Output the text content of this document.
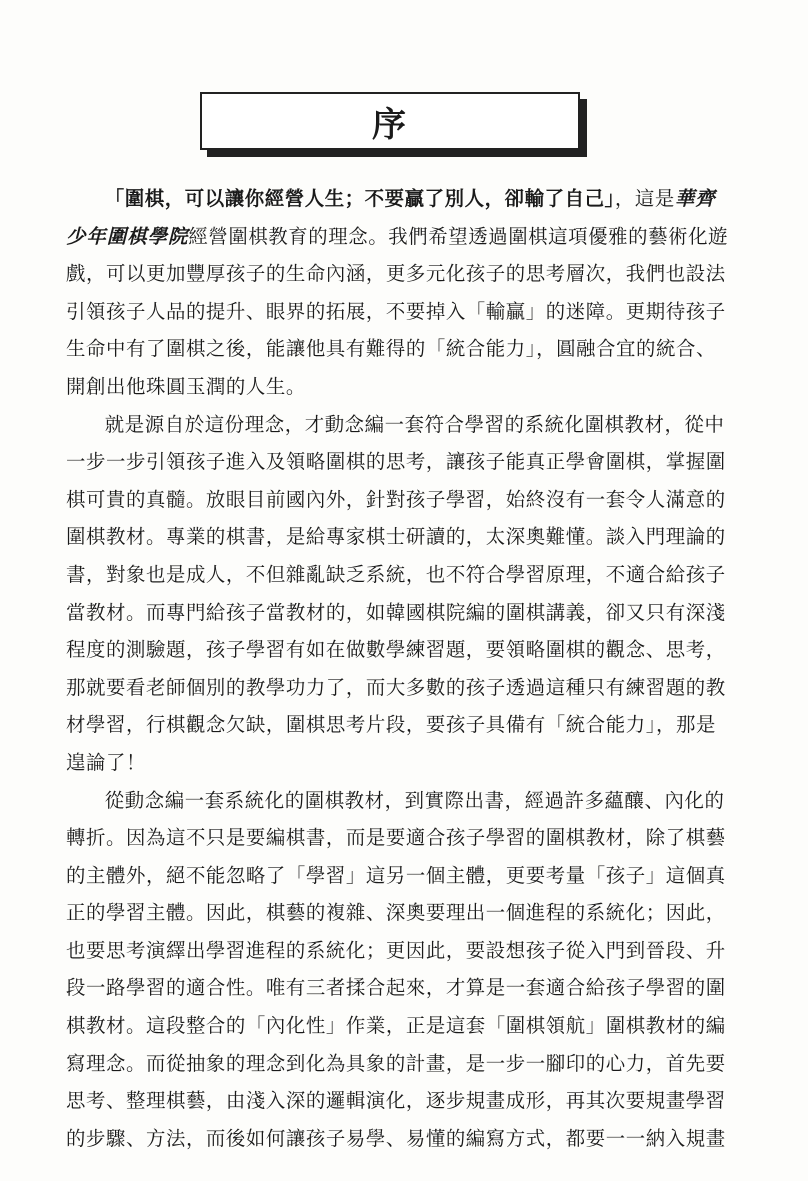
序
「圍棋，可以讓你經營人生；不要贏了別人，卻輸了自己」，這是華齊
少年圍棋學院經營圍棋教育的理念。我們希望透過圍棋這項優雅的藝術化遊
戲，可以更加豐厚孩子的生命內涵，更多元化孩子的思考層次，我們也設法
引領孩子人品的提升、眼界的拓展，不要掉入「輸贏」的迷障。更期待孩子
生命中有了圍棋之後，能讓他具有難得的「統合能力」，圓融合宜的統合、
開創出他珠圓玉潤的人生。
就是源自於這份理念，才動念編一套符合學習的系統化圍棋教材，從中
一步一步引領孩子進入及領略圍棋的思考，讓孩子能真正學會圍棋，掌握圍
棋可貴的真髓。放眼目前國內外，針對孩子學習，始終沒有一套令人滿意的
圍棋教材。專業的棋書，是給專家棋士研讀的，太深奧難懂。談入門理論的
書，對象也是成人，不但雜亂缺乏系統，也不符合學習原理，不適合給孩子
當教材。而專門給孩子當教材的，如韓國棋院編的圍棋講義，卻又只有深淺
程度的測驗題，孩子學習有如在做數學練習題，要領略圍棋的觀念、思考，
那就要看老師個別的教學功力了，而大多數的孩子透過這種只有練習題的教
材學習，行棋觀念欠缺，圍棋思考片段，要孩子具備有「統合能力」，那是
遑論了！
從動念編一套系統化的圍棋教材，到實際出書，經過許多蘊釀、內化的
轉折。因為這不只是要編棋書，而是要適合孩子學習的圍棋教材，除了棋藝
的主體外，絕不能忽略了「學習」這另一個主體，更要考量「孩子」這個真
正的學習主體。因此，棋藝的複雜、深奧要理出一個進程的系統化；因此，
也要思考演繹出學習進程的系統化；更因此，要設想孩子從入門到晉段、升
段一路學習的適合性。唯有三者揉合起來，才算是一套適合給孩子學習的圍
棋教材。這段整合的「內化性」作業，正是這套「圍棋領航」圍棋教材的編
寫理念。而從抽象的理念到化為具象的計畫，是一步一腳印的心力，首先要
思考、整理棋藝，由淺入深的邏輯演化，逐步規畫成形，再其次要規畫學習
的步驟、方法，而後如何讓孩子易學、易懂的編寫方式，都要一一納入規畫
